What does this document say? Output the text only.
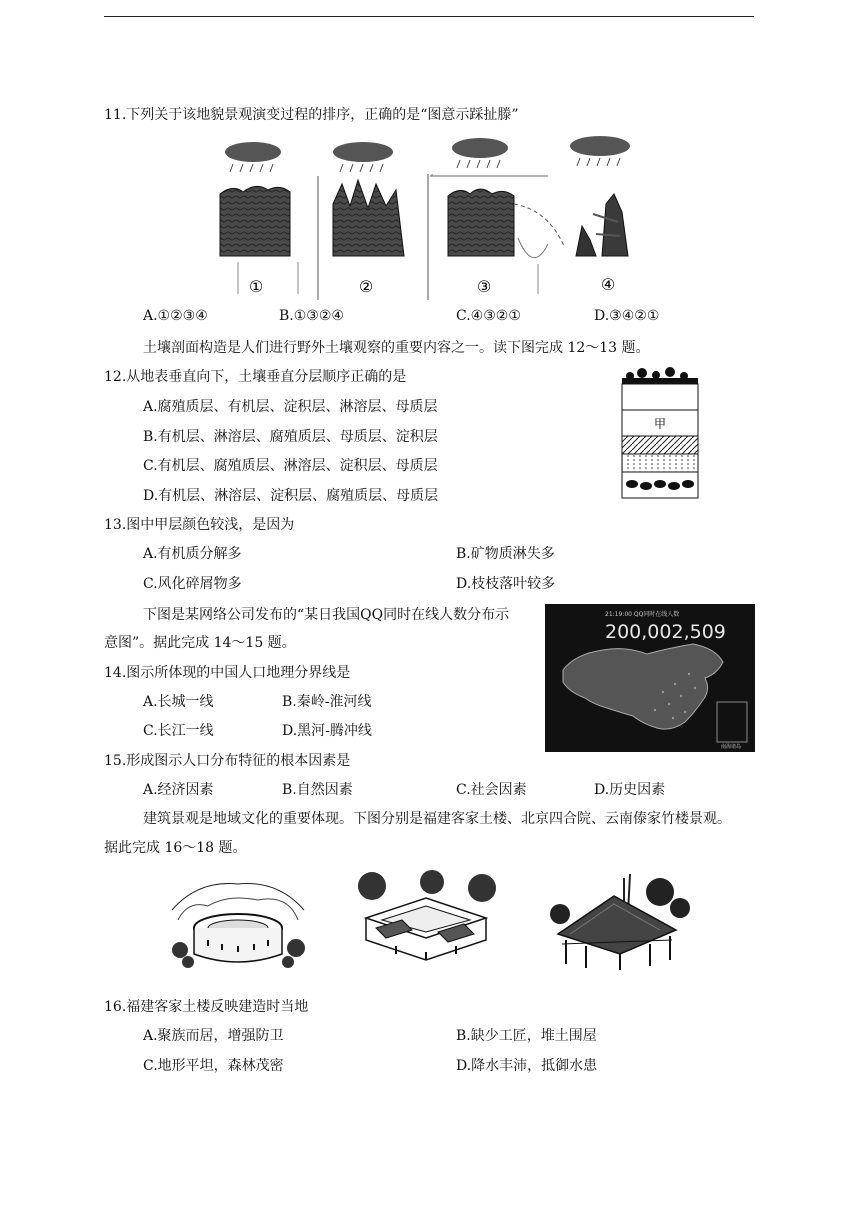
11.下列关于该地貌景观演变过程的排序，正确的是“图意示踩扯滕”
①	②	③	④
A.①②③④	B.①③②④	C.④③②①	D.③④②①
土壤剖面构造是人们进行野外土壤观察的重要内容之一。读下图完成 12～13 题。
12.从地表垂直向下，土壤垂直分层顺序正确的是
A.腐殖质层、有机层、淀积层、淋溶层、母质层
B.有机层、淋溶层、腐殖质层、母质层、淀积层
C.有机层、腐殖质层、淋溶层、淀积层、母质层
D.有机层、淋溶层、淀积层、腐殖质层、母质层
甲
13.图中甲层颜色较浅，是因为
A.有机质分解多	B.矿物质淋失多
C.风化碎屑物多	D.枝枝落叶较多
下图是某网络公司发布的“某日我国QQ同时在线人数分布示
意图”。据此完成 14～15 题。
21:19:00 QQ同时在线人数
200,002,509
南海诸岛
14.图示所体现的中国人口地理分界线是
A.长城一线	B.秦岭-淮河线
C.长江一线	D.黑河-腾冲线
15.形成图示人口分布特征的根本因素是
A.经济因素	B.自然因素	C.社会因素	D.历史因素
建筑景观是地域文化的重要体现。下图分别是福建客家土楼、北京四合院、云南傣家竹楼景观。
据此完成 16～18 题。
16.福建客家土楼反映建造时当地
A.聚族而居，增强防卫	B.缺少工匠，堆土围屋
C.地形平坦，森林茂密	D.降水丰沛，抵御水患
